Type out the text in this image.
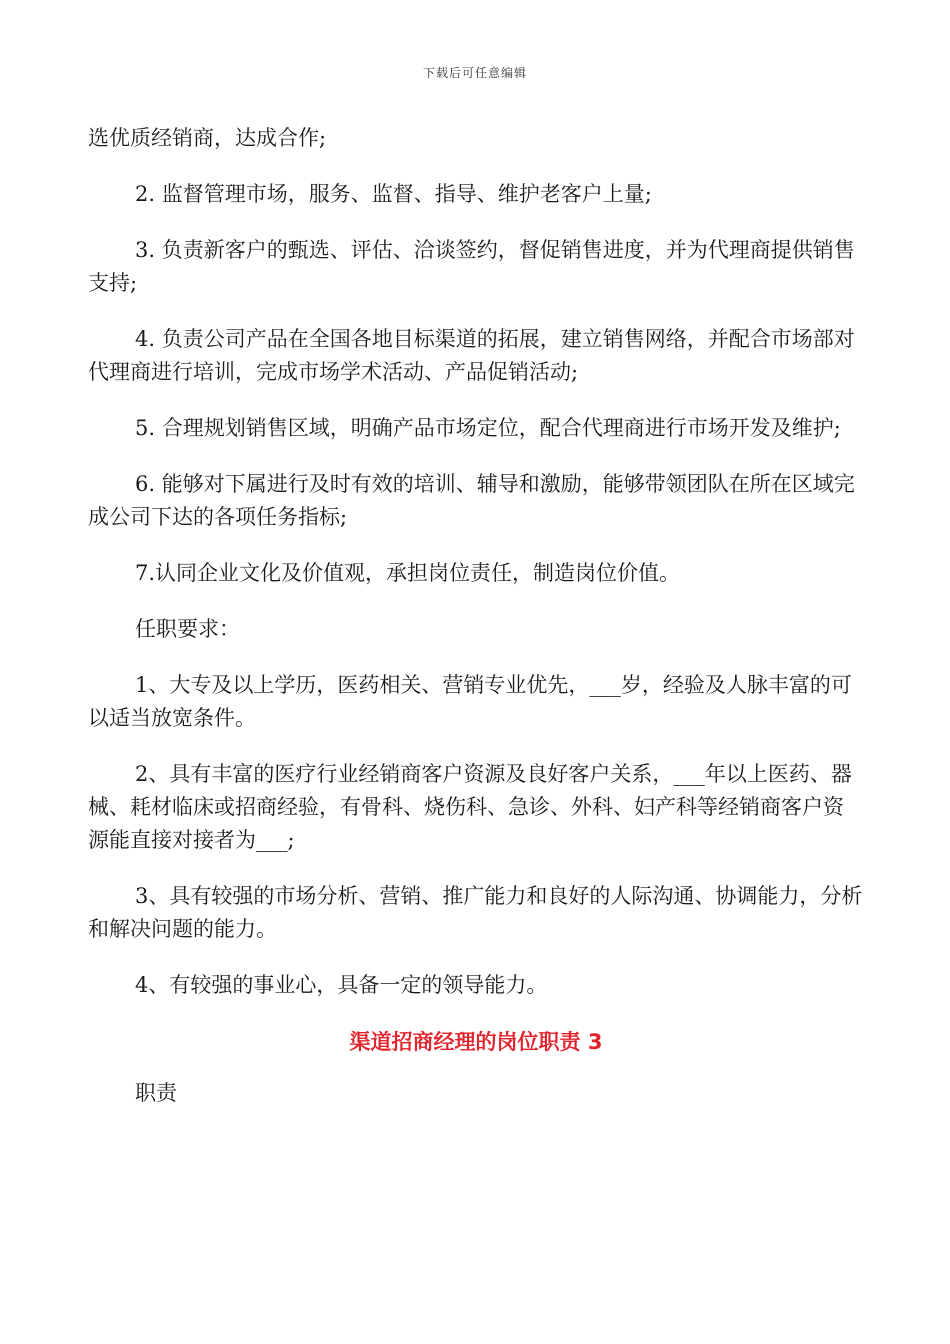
下载后可任意编辑

选优质经销商，达成合作;

2. 监督管理市场，服务、监督、指导、维护老客户上量;

3. 负责新客户的甄选、评估、洽谈签约，督促销售进度，并为代理商提供销售支持;

4. 负责公司产品在全国各地目标渠道的拓展，建立销售网络，并配合市场部对代理商进行培训，完成市场学术活动、产品促销活动;

5. 合理规划销售区域，明确产品市场定位，配合代理商进行市场开发及维护;

6. 能够对下属进行及时有效的培训、辅导和激励，能够带领团队在所在区域完成公司下达的各项任务指标;

7.认同企业文化及价值观，承担岗位责任，制造岗位价值。

任职要求：

1、大专及以上学历，医药相关、营销专业优先，___岁，经验及人脉丰富的可以适当放宽条件。

2、具有丰富的医疗行业经销商客户资源及良好客户关系，___年以上医药、器械、耗材临床或招商经验，有骨科、烧伤科、急诊、外科、妇产科等经销商客户资源能直接对接者为___;

3、具有较强的市场分析、营销、推广能力和良好的人际沟通、协调能力，分析和解决问题的能力。

4、有较强的事业心，具备一定的领导能力。

渠道招商经理的岗位职责 3

职责
